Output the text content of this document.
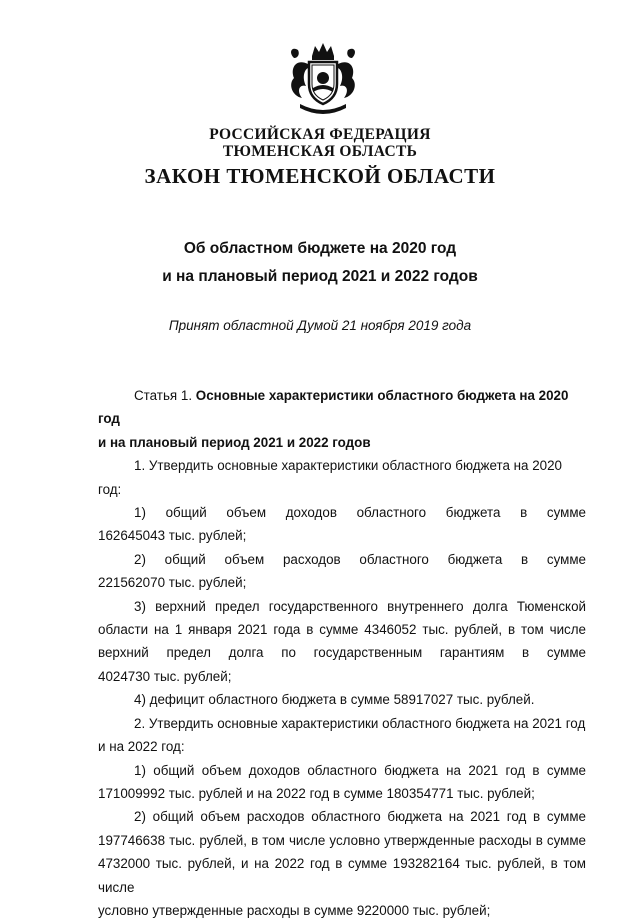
РОССИЙСКАЯ ФЕДЕРАЦИЯ
ТЮМЕНСКАЯ ОБЛАСТЬ
ЗАКОН ТЮМЕНСКОЙ ОБЛАСТИ
Об областном бюджете на 2020 год
и на плановый период 2021 и 2022 годов
Принят областной Думой 21 ноября 2019 года

Статья 1. Основные характеристики областного бюджета на 2020 год

и на плановый период 2021 и 2022 годов

1. Утвердить основные характеристики областного бюджета на 2020 год:

1) общий объем доходов областного бюджета в сумме

162645043 тыс. рублей;

2) общий объем расходов областного бюджета в сумме

221562070 тыс. рублей;

3) верхний предел государственного внутреннего долга Тюменской

области на 1 января 2021 года в сумме 4346052 тыс. рублей, в том числе

верхний предел долга по государственным гарантиям в сумме

4024730 тыс. рублей;

4) дефицит областного бюджета в сумме 58917027 тыс. рублей.

2. Утвердить основные характеристики областного бюджета на 2021 год

и на 2022 год:

1) общий объем доходов областного бюджета на 2021 год в сумме

171009992 тыс. рублей и на 2022 год в сумме 180354771 тыс. рублей;

2) общий объем расходов областного бюджета на 2021 год в сумме

197746638 тыс. рублей, в том числе условно утвержденные расходы в сумме

4732000 тыс. рублей, и на 2022 год в сумме 193282164 тыс. рублей, в том числе

условно утвержденные расходы в сумме 9220000 тыс. рублей;
